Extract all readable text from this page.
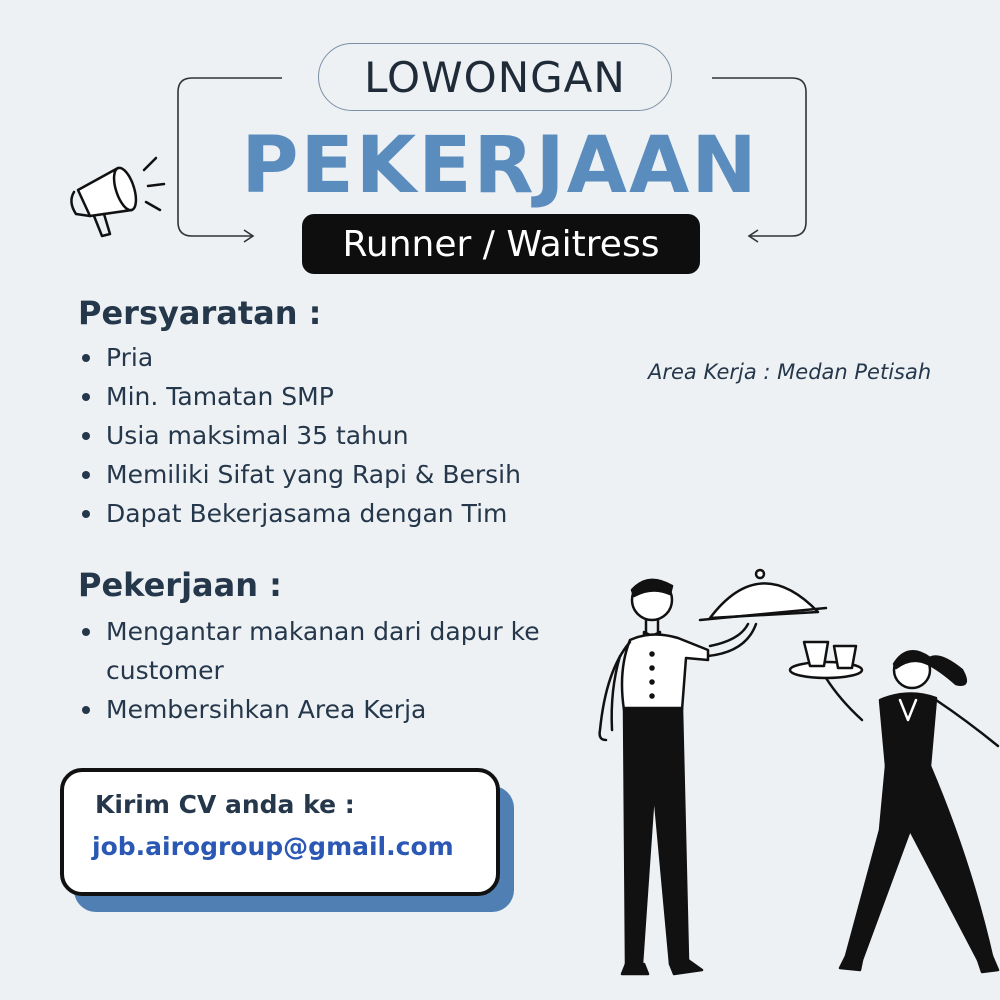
LOWONGAN
PEKERJAAN
Runner / Waitress
Persyaratan :
Pria
Min. Tamatan SMP
Usia maksimal 35 tahun
Memiliki Sifat yang Rapi & Bersih
Dapat Bekerjasama dengan Tim
Area Kerja : Medan Petisah
Pekerjaan :
Mengantar makanan dari dapur ke customer
Membersihkan Area Kerja
Kirim CV anda ke :
job.airogroup@gmail.com
